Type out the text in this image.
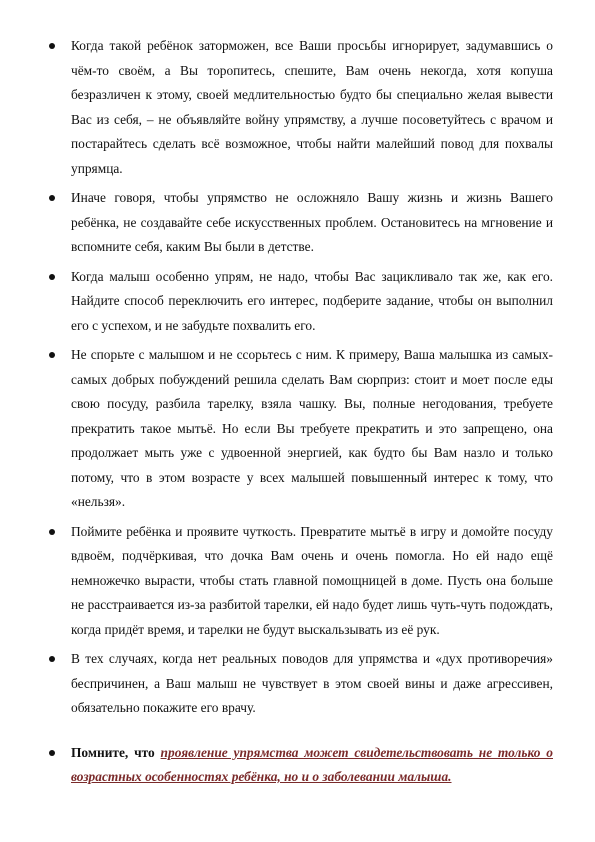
Когда такой ребёнок заторможен, все Ваши просьбы игнорирует, задумавшись о чём-то своём, а Вы торопитесь, спешите, Вам очень некогда, хотя копуша безразличен к этому, своей медлительностью будто бы специально желая вывести Вас из себя, – не объявляйте войну упрямству, а лучше посоветуйтесь с врачом и постарайтесь сделать всё возможное, чтобы найти малейший повод для похвалы упрямца.
Иначе говоря, чтобы упрямство не осложняло Вашу жизнь и жизнь Вашего ребёнка, не создавайте себе искусственных проблем. Остановитесь на мгновение и вспомните себя, каким Вы были в детстве.
Когда малыш особенно упрям, не надо, чтобы Вас зацикливало так же, как его. Найдите способ переключить его интерес, подберите задание, чтобы он выполнил его с успехом, и не забудьте похвалить его.
Не спорьте с малышом и не ссорьтесь с ним. К примеру, Ваша малышка из самых-самых добрых побуждений решила сделать Вам сюрприз: стоит и моет после еды свою посуду, разбила тарелку, взяла чашку. Вы, полные негодования, требуете прекратить такое мытьё. Но если Вы требуете прекратить и это запрещено, она продолжает мыть уже с удвоенной энергией, как будто бы Вам назло и только потому, что в этом возрасте у всех малышей повышенный интерес к тому, что «нельзя».
Поймите ребёнка и проявите чуткость. Превратите мытьё в игру и домойте посуду вдвоём, подчёркивая, что дочка Вам очень и очень помогла. Но ей надо ещё немножечко вырасти, чтобы стать главной помощницей в доме. Пусть она больше не расстраивается из-за разбитой тарелки, ей надо будет лишь чуть-чуть подождать, когда придёт время, и тарелки не будут выскальзывать из её рук.
В тех случаях, когда нет реальных поводов для упрямства и «дух противоречия» беспричинен, а Ваш малыш не чувствует в этом своей вины и даже агрессивен, обязательно покажите его врачу.
Помните, что проявление упрямства может свидетельствовать не только о возрастных особенностях ребёнка, но и о заболевании малыша.
